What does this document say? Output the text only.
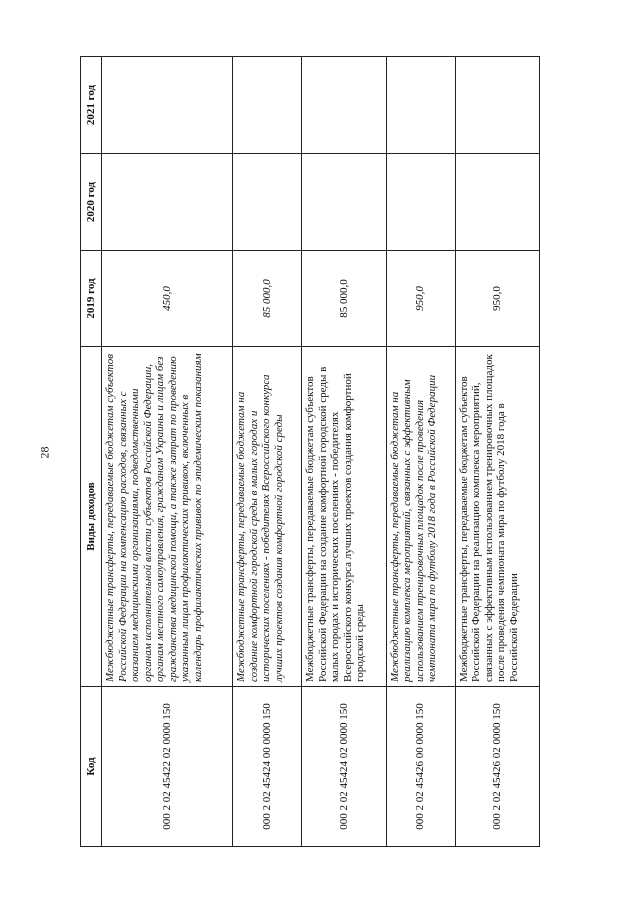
28
Код	Виды доходов	2019 год	2020 год	2021 год
000 2 02 45422 02 0000 150	Межбюджетные трансферты, передаваемые бюджетам субъектов Российской Федерации на компенсацию расходов, связанных с оказанием медицинскими организациями, подведомственными органам исполнительной власти субъектов Российской Федерации, органам местного самоуправления, гражданам Украины и лицам без гражданства медицинской помощи, а также затрат по проведению указанным лицам профилактических прививок, включенных в календарь профилактических прививок по эпидемическим показаниям	450,0		
000 2 02 45424 00 0000 150	Межбюджетные трансферты, передаваемые бюджетам на создание комфортной городской среды в малых городах и исторических поселениях - победителях Всероссийского конкурса лучших проектов создания комфортной городской среды	85 000,0		
000 2 02 45424 02 0000 150	Межбюджетные трансферты, передаваемые бюджетам субъектов Российской Федерации на создание комфортной городской среды в малых городах и исторических поселениях - победителях Всероссийского конкурса лучших проектов создания комфортной городской среды	85 000,0		
000 2 02 45426 00 0000 150	Межбюджетные трансферты, передаваемые бюджетам на реализацию комплекса мероприятий, связанных с эффективным использованием тренировочных площадок после проведения чемпионата мира по футболу 2018 года в Российской Федерации	950,0		
000 2 02 45426 02 0000 150	Межбюджетные трансферты, передаваемые бюджетам субъектов Российской Федерации на реализацию комплекса мероприятий, связанных с эффективным использованием тренировочных площадок после проведения чемпионата мира по футболу 2018 года в Российской Федерации	950,0		
